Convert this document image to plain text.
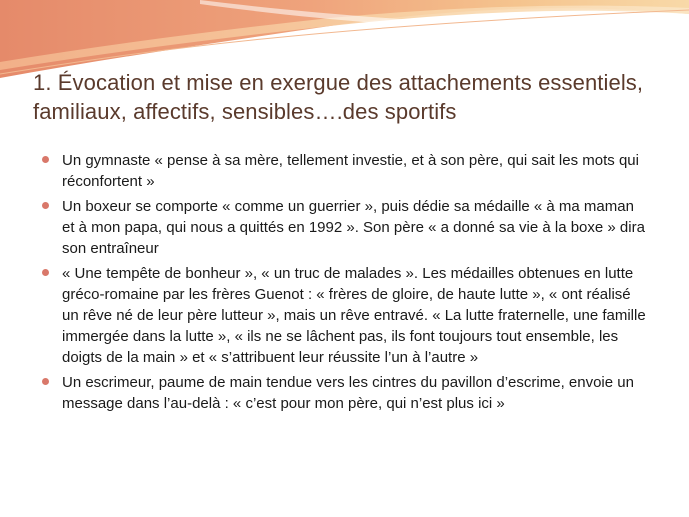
1. Évocation et mise en exergue des attachements essentiels, familiaux, affectifs, sensibles….des sportifs
Un gymnaste « pense à sa mère, tellement investie, et à son père, qui sait les mots qui réconfortent »
Un boxeur se comporte « comme un guerrier », puis dédie sa médaille « à ma maman et à mon papa, qui nous a quittés en 1992 ». Son père « a donné sa vie à la boxe » dira son entraîneur
« Une tempête de bonheur », « un truc de malades ». Les médailles obtenues en lutte gréco-romaine par les frères Guenot : « frères de gloire, de haute lutte », « ont réalisé un rêve né de leur père lutteur », mais un rêve entravé. « La lutte fraternelle, une famille immergée dans la lutte », « ils ne se lâchent pas, ils font toujours tout ensemble, les doigts de la main » et « s’attribuent leur réussite l’un à l’autre »
Un escrimeur, paume de main tendue vers les cintres du pavillon d’escrime, envoie un message dans l’au-delà : « c’est pour mon père, qui n’est plus ici »
